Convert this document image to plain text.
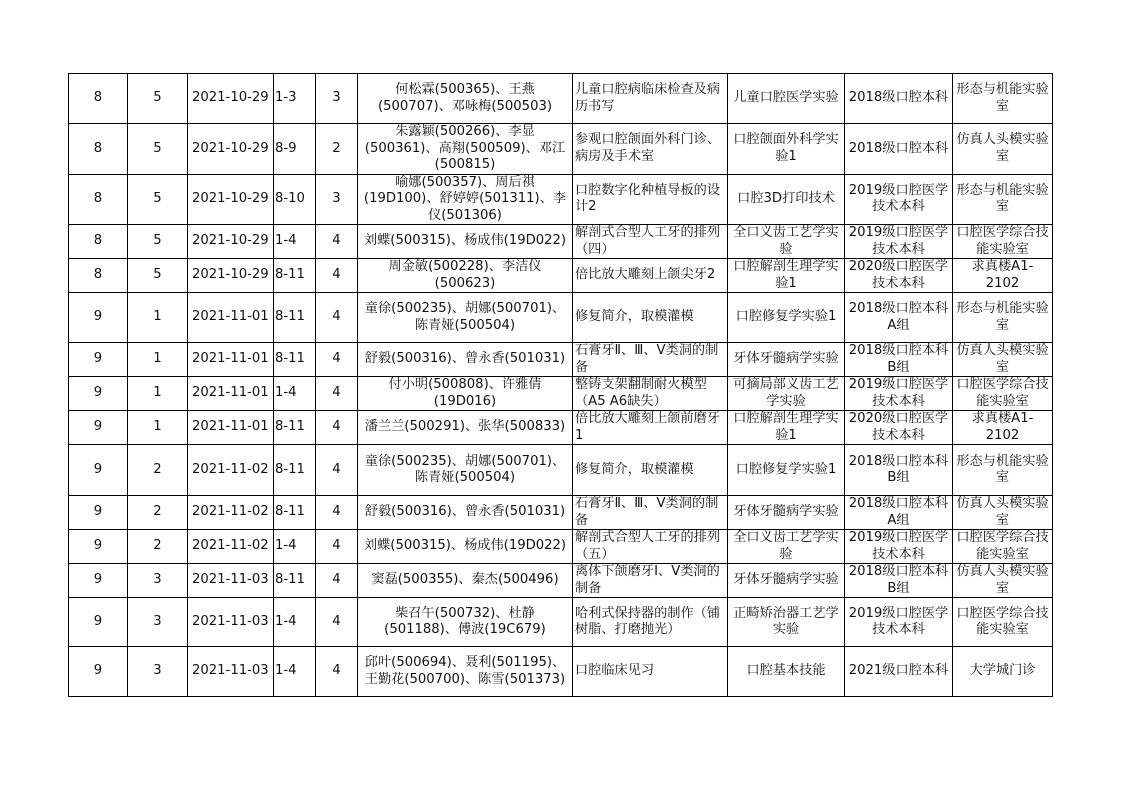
8	5	2021-10-29	1-3	3	何松霖(500365)、王燕(500707)、邓咏梅(500503)	儿童口腔病临床检查及病历书写	儿童口腔医学实验	2018级口腔本科	形态与机能实验室
8	5	2021-10-29	8-9	2	朱露颖(500266)、李显(500361)、高翔(500509)、邓江(500815)	参观口腔颌面外科门诊、病房及手术室	口腔颌面外科学实验1	2018级口腔本科	仿真人头模实验室
8	5	2021-10-29	8-10	3	喻娜(500357)、周后祺(19D100)、舒婷婷(501311)、李仪(501306)	口腔数字化种植导板的设计2	口腔3D打印技术	2019级口腔医学技术本科	形态与机能实验室
8	5	2021-10-29	1-4	4	刘蝶(500315)、杨成伟(19D022)	解剖式合型人工牙的排列（四）	全口义齿工艺学实验	2019级口腔医学技术本科	口腔医学综合技能实验室
8	5	2021-10-29	8-11	4	周金敏(500228)、李洁仪(500623)	倍比放大雕刻上颌尖牙2	口腔解剖生理学实验1	2020级口腔医学技术本科	求真楼A1-2102
9	1	2021-11-01	8-11	4	童徐(500235)、胡娜(500701)、陈青娅(500504)	修复简介，取模灌模	口腔修复学实验1	2018级口腔本科A组	形态与机能实验室
9	1	2021-11-01	8-11	4	舒毅(500316)、曾永香(501031)	石膏牙Ⅱ、Ⅲ、Ⅴ类洞的制备	牙体牙髓病学实验	2018级口腔本科B组	仿真人头模实验室
9	1	2021-11-01	1-4	4	付小明(500808)、许雅倩(19D016)	整铸支架翻制耐火模型（A5 A6缺失）	可摘局部义齿工艺学实验	2019级口腔医学技术本科	口腔医学综合技能实验室
9	1	2021-11-01	8-11	4	潘兰兰(500291)、张华(500833)	倍比放大雕刻上颌前磨牙1	口腔解剖生理学实验1	2020级口腔医学技术本科	求真楼A1-2102
9	2	2021-11-02	8-11	4	童徐(500235)、胡娜(500701)、陈青娅(500504)	修复简介，取模灌模	口腔修复学实验1	2018级口腔本科B组	形态与机能实验室
9	2	2021-11-02	8-11	4	舒毅(500316)、曾永香(501031)	石膏牙Ⅱ、Ⅲ、Ⅴ类洞的制备	牙体牙髓病学实验	2018级口腔本科A组	仿真人头模实验室
9	2	2021-11-02	1-4	4	刘蝶(500315)、杨成伟(19D022)	解剖式合型人工牙的排列（五）	全口义齿工艺学实验	2019级口腔医学技术本科	口腔医学综合技能实验室
9	3	2021-11-03	8-11	4	窦磊(500355)、秦杰(500496)	离体下颌磨牙Ⅰ、Ⅴ类洞的制备	牙体牙髓病学实验	2018级口腔本科B组	仿真人头模实验室
9	3	2021-11-03	1-4	4	柴召午(500732)、杜静(501188)、傅波(19C679)	哈利式保持器的制作（铺树脂、打磨抛光）	正畸矫治器工艺学实验	2019级口腔医学技术本科	口腔医学综合技能实验室
9	3	2021-11-03	1-4	4	邱叶(500694)、聂利(501195)、王勤花(500700)、陈雪(501373)	口腔临床见习	口腔基本技能	2021级口腔本科	大学城门诊
